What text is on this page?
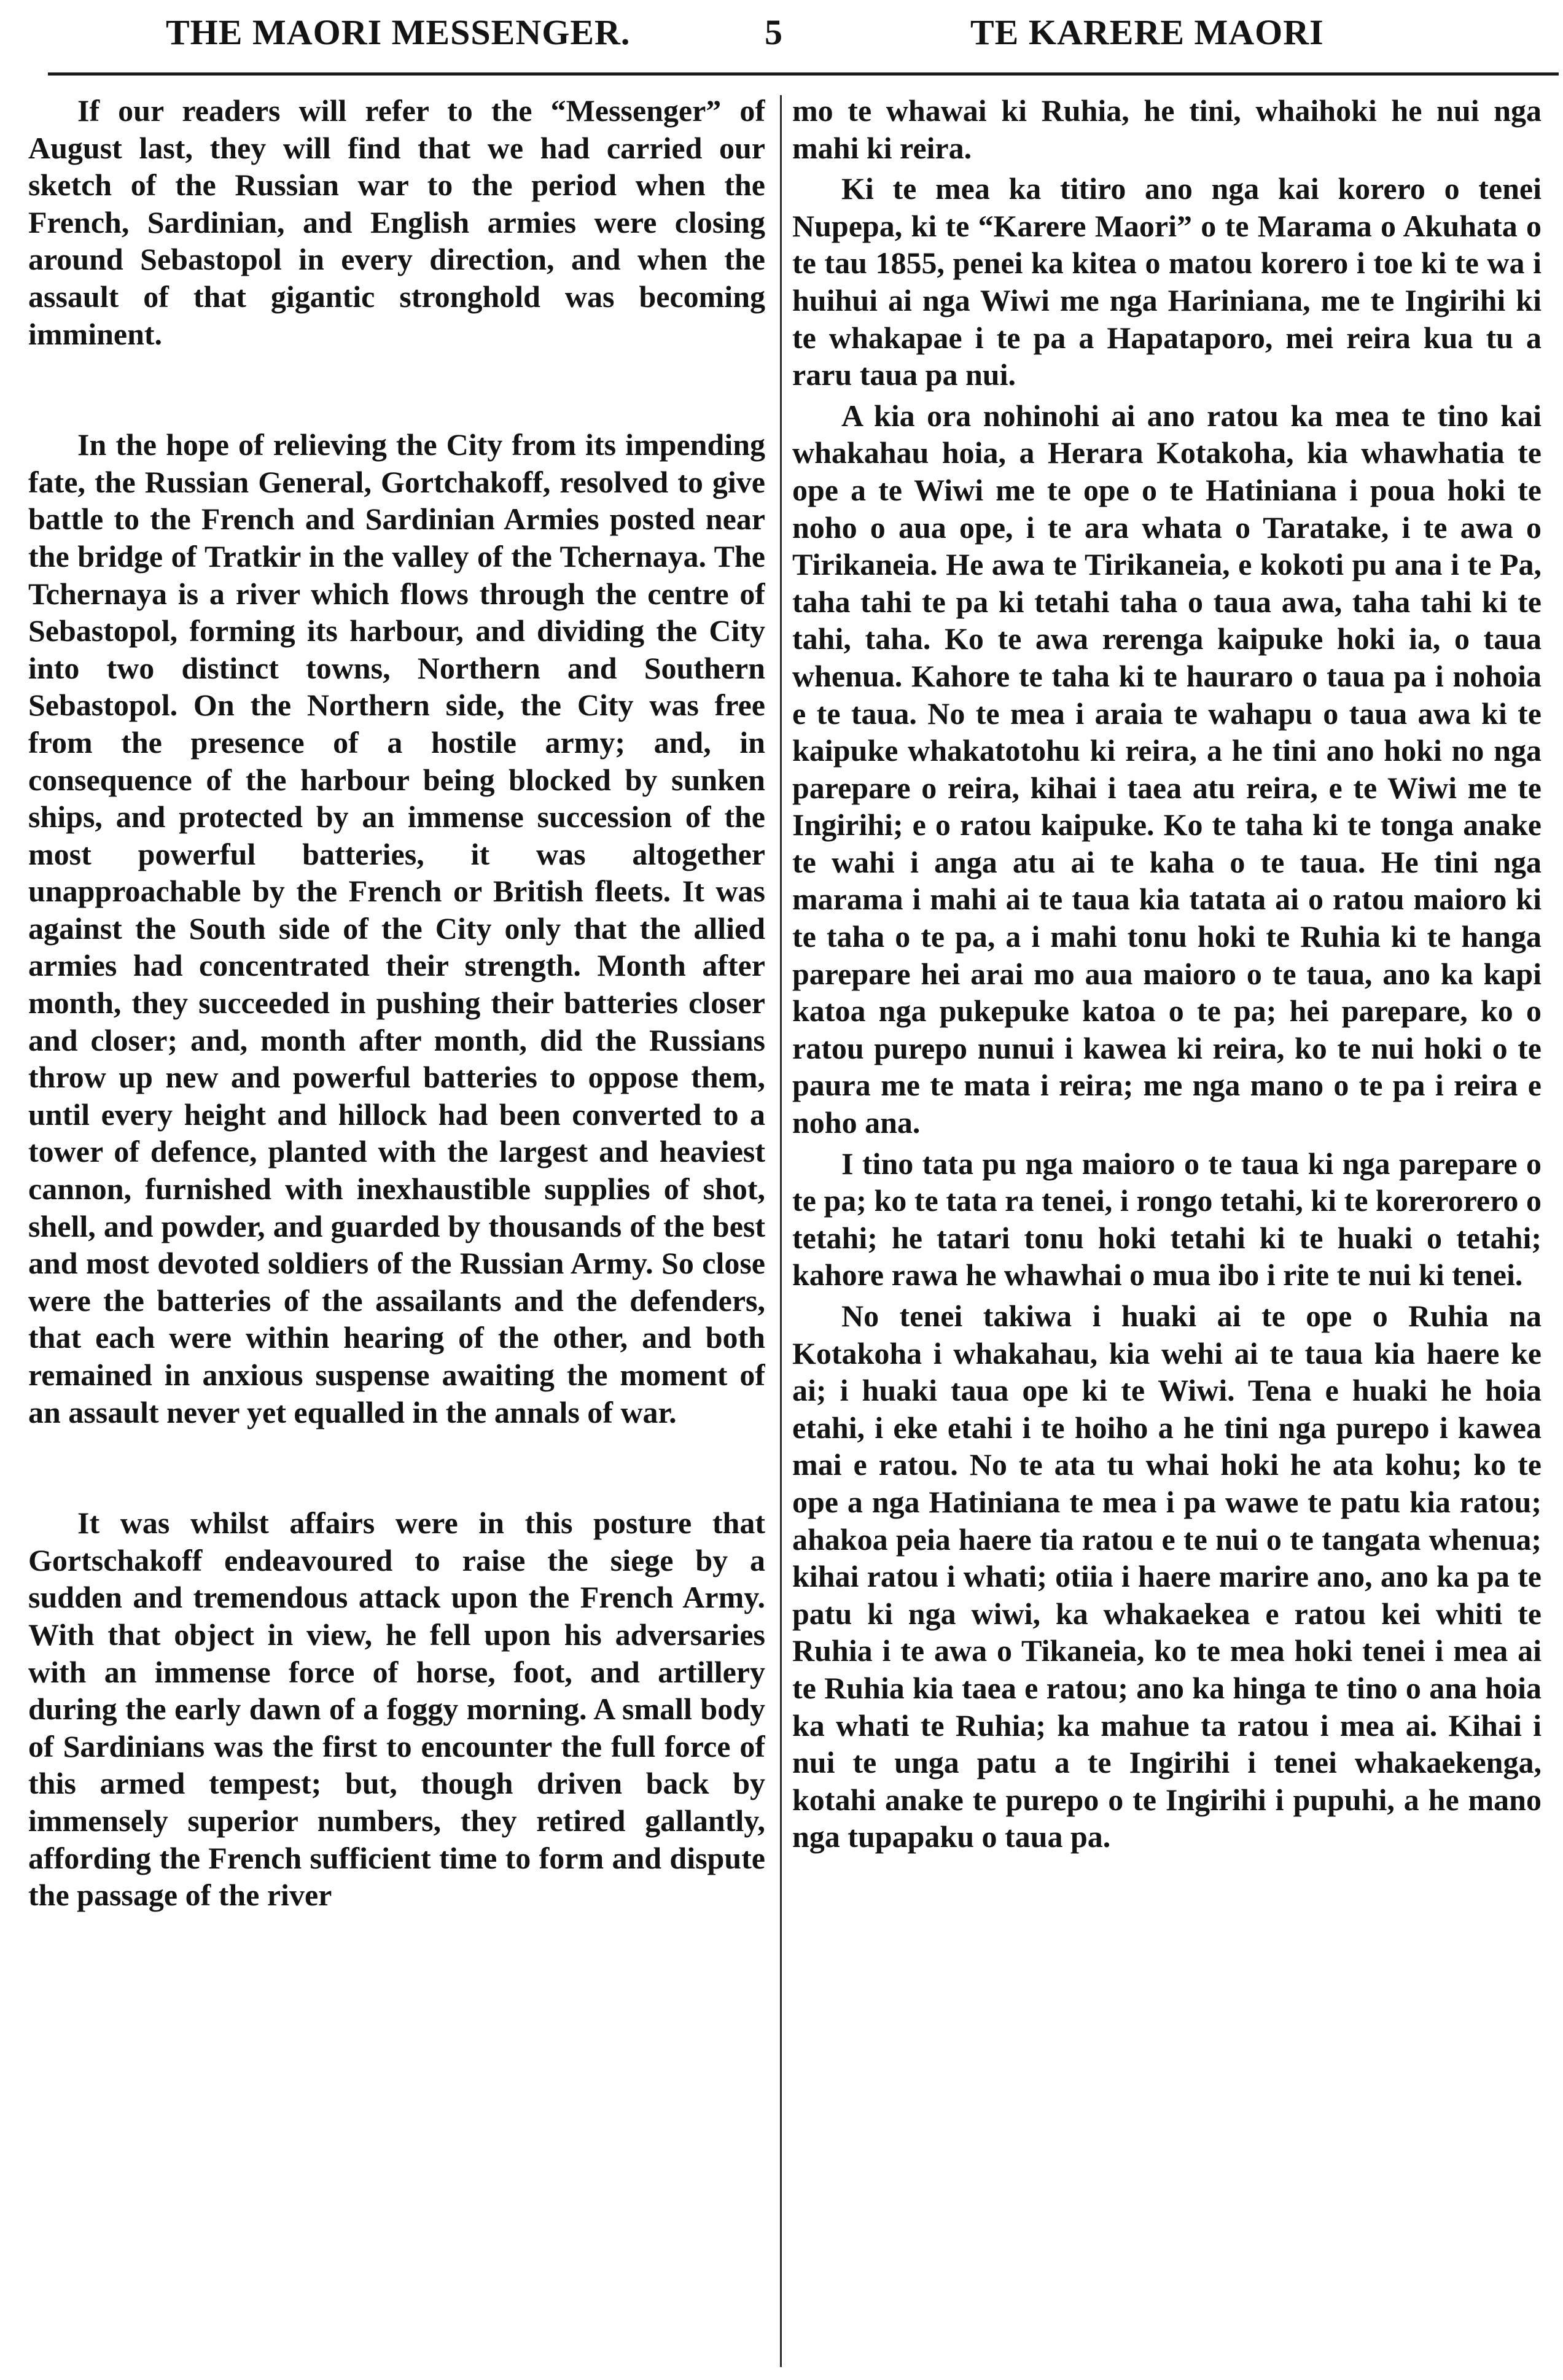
THE MAORI MESSENGER.	5	TE KARERE MAORI

If our readers will refer to the “Messenger” of August last, they will find that we had carried our sketch of the Russian war to the period when the French, Sardinian, and English armies were closing around Sebastopol in every direction, and when the assault of that gigantic stronghold was becoming imminent.

In the hope of relieving the City from its impending fate, the Russian General, Gortchakoff, resolved to give battle to the French and Sardinian Armies posted near the bridge of Tratkir in the valley of the Tchernaya. The Tchernaya is a river which flows through the centre of Sebastopol, forming its harbour, and dividing the City into two distinct towns, Northern and Southern Sebastopol. On the Northern side, the City was free from the presence of a hostile army; and, in consequence of the harbour being blocked by sunken ships, and protected by an immense succession of the most powerful batteries, it was altogether unapproachable by the French or British fleets. It was against the South side of the City only that the allied armies had concentrated their strength. Month after month, they succeeded in pushing their batteries closer and closer; and, month after month, did the Russians throw up new and powerful batteries to oppose them, until every height and hillock had been converted to a tower of defence, planted with the largest and heaviest cannon, furnished with inexhaustible supplies of shot, shell, and powder, and guarded by thousands of the best and most devoted soldiers of the Russian Army. So close were the batteries of the assailants and the defenders, that each were within hearing of the other, and both remained in anxious suspense awaiting the moment of an assault never yet equalled in the annals of war.

It was whilst affairs were in this posture that Gortschakoff endeavoured to raise the siege by a sudden and tremendous attack upon the French Army. With that object in view, he fell upon his adversaries with an immense force of horse, foot, and artillery during the early dawn of a foggy morning. A small body of Sardinians was the first to encounter the full force of this armed tempest; but, though driven back by immensely superior numbers, they retired gallantly, affording the French sufficient time to form and dispute the passage of the river

mo te whawai ki Ruhia, he tini, whaihoki he nui nga mahi ki reira.

Ki te mea ka titiro ano nga kai korero o tenei Nupepa, ki te “Karere Maori” o te Marama o Akuhata o te tau 1855, penei ka kitea o matou korero i toe ki te wa i huihui ai nga Wiwi me nga Hariniana, me te Ingirihi ki te whakapae i te pa a Hapataporo, mei reira kua tu a raru taua pa nui.

A kia ora nohinohi ai ano ratou ka mea te tino kai whakahau hoia, a Herara Kotakoha, kia whawhatia te ope a te Wiwi me te ope o te Hatiniana i poua hoki te noho o aua ope, i te ara whata o Taratake, i te awa o Tirikaneia. He awa te Tirikaneia, e kokoti pu ana i te Pa, taha tahi te pa ki tetahi taha o taua awa, taha tahi ki te tahi, taha. Ko te awa rerenga kaipuke hoki ia, o taua whenua. Kahore te taha ki te hauraro o taua pa i nohoia e te taua. No te mea i araia te wahapu o taua awa ki te kaipuke whakatotohu ki reira, a he tini ano hoki no nga parepare o reira, kihai i taea atu reira, e te Wiwi me te Ingirihi; e o ratou kaipuke. Ko te taha ki te tonga anake te wahi i anga atu ai te kaha o te taua. He tini nga marama i mahi ai te taua kia tatata ai o ratou maioro ki te taha o te pa, a i mahi tonu hoki te Ruhia ki te hanga parepare hei arai mo aua maioro o te taua, ano ka kapi katoa nga pukepuke katoa o te pa; hei parepare, ko o ratou purepo nunui i kawea ki reira, ko te nui hoki o te paura me te mata i reira; me nga mano o te pa i reira e noho ana.

I tino tata pu nga maioro o te taua ki nga parepare o te pa; ko te tata ra tenei, i rongo tetahi, ki te korerorero o tetahi; he tatari tonu hoki tetahi ki te huaki o tetahi; kahore rawa he whawhai o mua ibo i rite te nui ki tenei.

No tenei takiwa i huaki ai te ope o Ruhia na Kotakoha i whakahau, kia wehi ai te taua kia haere ke ai; i huaki taua ope ki te Wiwi. Tena e huaki he hoia etahi, i eke etahi i te hoiho a he tini nga purepo i kawea mai e ratou. No te ata tu whai hoki he ata kohu; ko te ope a nga Hatiniana te mea i pa wawe te patu kia ratou; ahakoa peia haere tia ratou e te nui o te tangata whenua; kihai ratou i whati; otiia i haere marire ano, ano ka pa te patu ki nga wiwi, ka whakaekea e ratou kei whiti te Ruhia i te awa o Tikaneia, ko te mea hoki tenei i mea ai te Ruhia kia taea e ratou; ano ka hinga te tino o ana hoia ka whati te Ruhia; ka mahue ta ratou i mea ai. Kihai i nui te unga patu a te Ingirihi i tenei whakaekenga, kotahi anake te purepo o te Ingirihi i pupuhi, a he mano nga tupapaku o taua pa.
